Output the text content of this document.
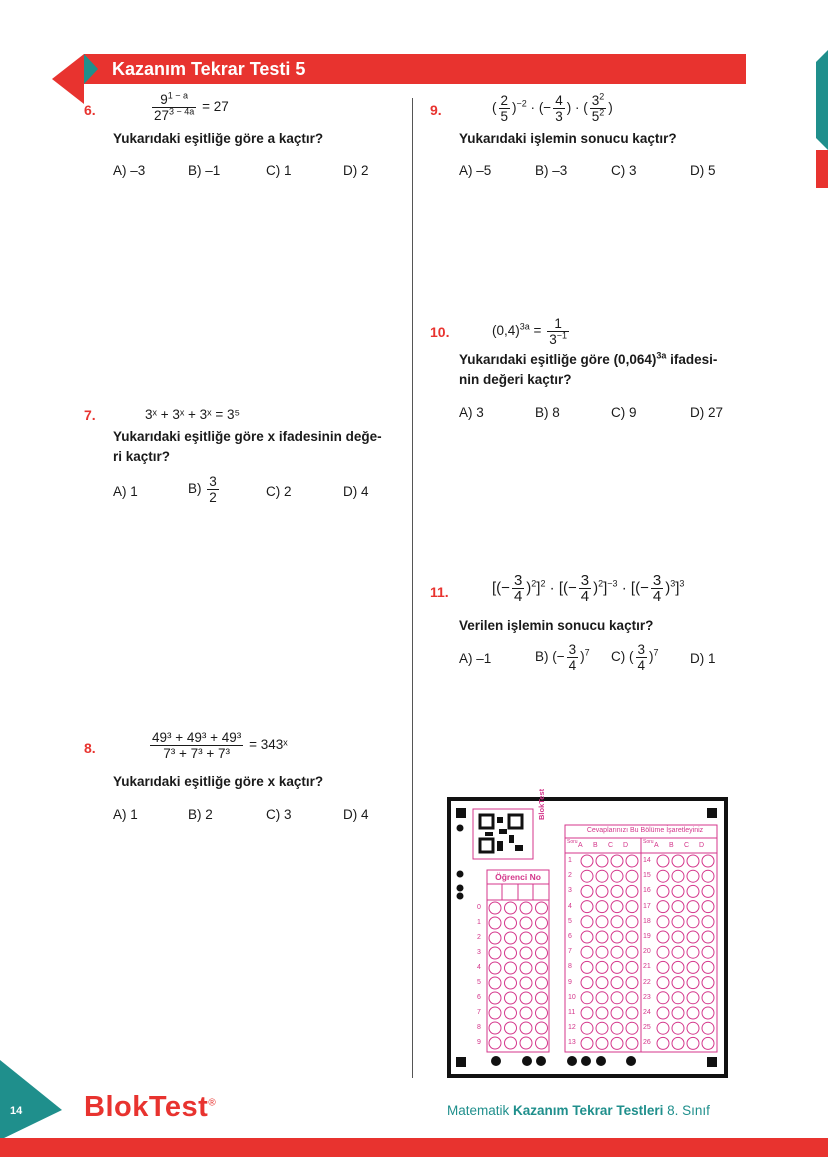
Kazanım Tekrar Testi 5
6.	$\frac{9^{1 - a}}{27^{3 - 4a}} = 27$
Yukarıdaki eşitliğe göre a kaçtır?
A) –3	B) –1	C) 1	D) 2
7.	3ˣ + 3ˣ + 3ˣ = 3⁵
Yukarıdaki eşitliğe göre x ifadesinin değe-
ri kaçtır?
A) 1	$B) \frac{3}{2}$	C) 2	D) 4
8.	$\frac{\text{49³ + 49³ + 49³}}{\text{7³ + 7³ + 7³}}$ = 343ˣ
Yukarıdaki eşitliğe göre x kaçtır?
A) 1	B) 2	C) 3	D) 4
9.	( $\frac{2}{5} )^{-2}$ · (− $\frac{4}{3}$ ) · ( $\frac{3^2}{5^2}$ )
Yukarıdaki işlemin sonucu kaçtır?
A) –5	B) –3	C) 3	D) 5
10.	$(0,4)^{3a} = \frac{1}{3^{-1}}$
Yukarıdaki eşitliğe göre $(0,064)^{3a}$ ifadesi-
nin değeri kaçtır?
A) 3	B) 8	C) 9	D) 27
11.	[(− $\frac{3}{4} )^2]^2$ · [(− $\frac{3}{4} )^2]^{-3}$ · [(− $\frac{3}{4} )^3]^3$
Verilen işlemin sonucu kaçtır?
A) –1	B) (− $\frac{3}{4} )^7$ C) ( $\frac{3}{4} )^7$ D) 1
BlokTest
Cevaplarınızı Bu Bölüme İşaretleyiniz
Öğrenci No
0
1
2
3
4
5
6
7
8
9
A	A
B	B
C	C
D	D
Soru	Soru
1
2
3
4
5
6
7
8
9
10
11
12
13
14
15
16
17
18
19
20
21
22
23
24
25
26
14 BlokTest®
Matematik Kazanım Tekrar Testleri 8. Sınıf
